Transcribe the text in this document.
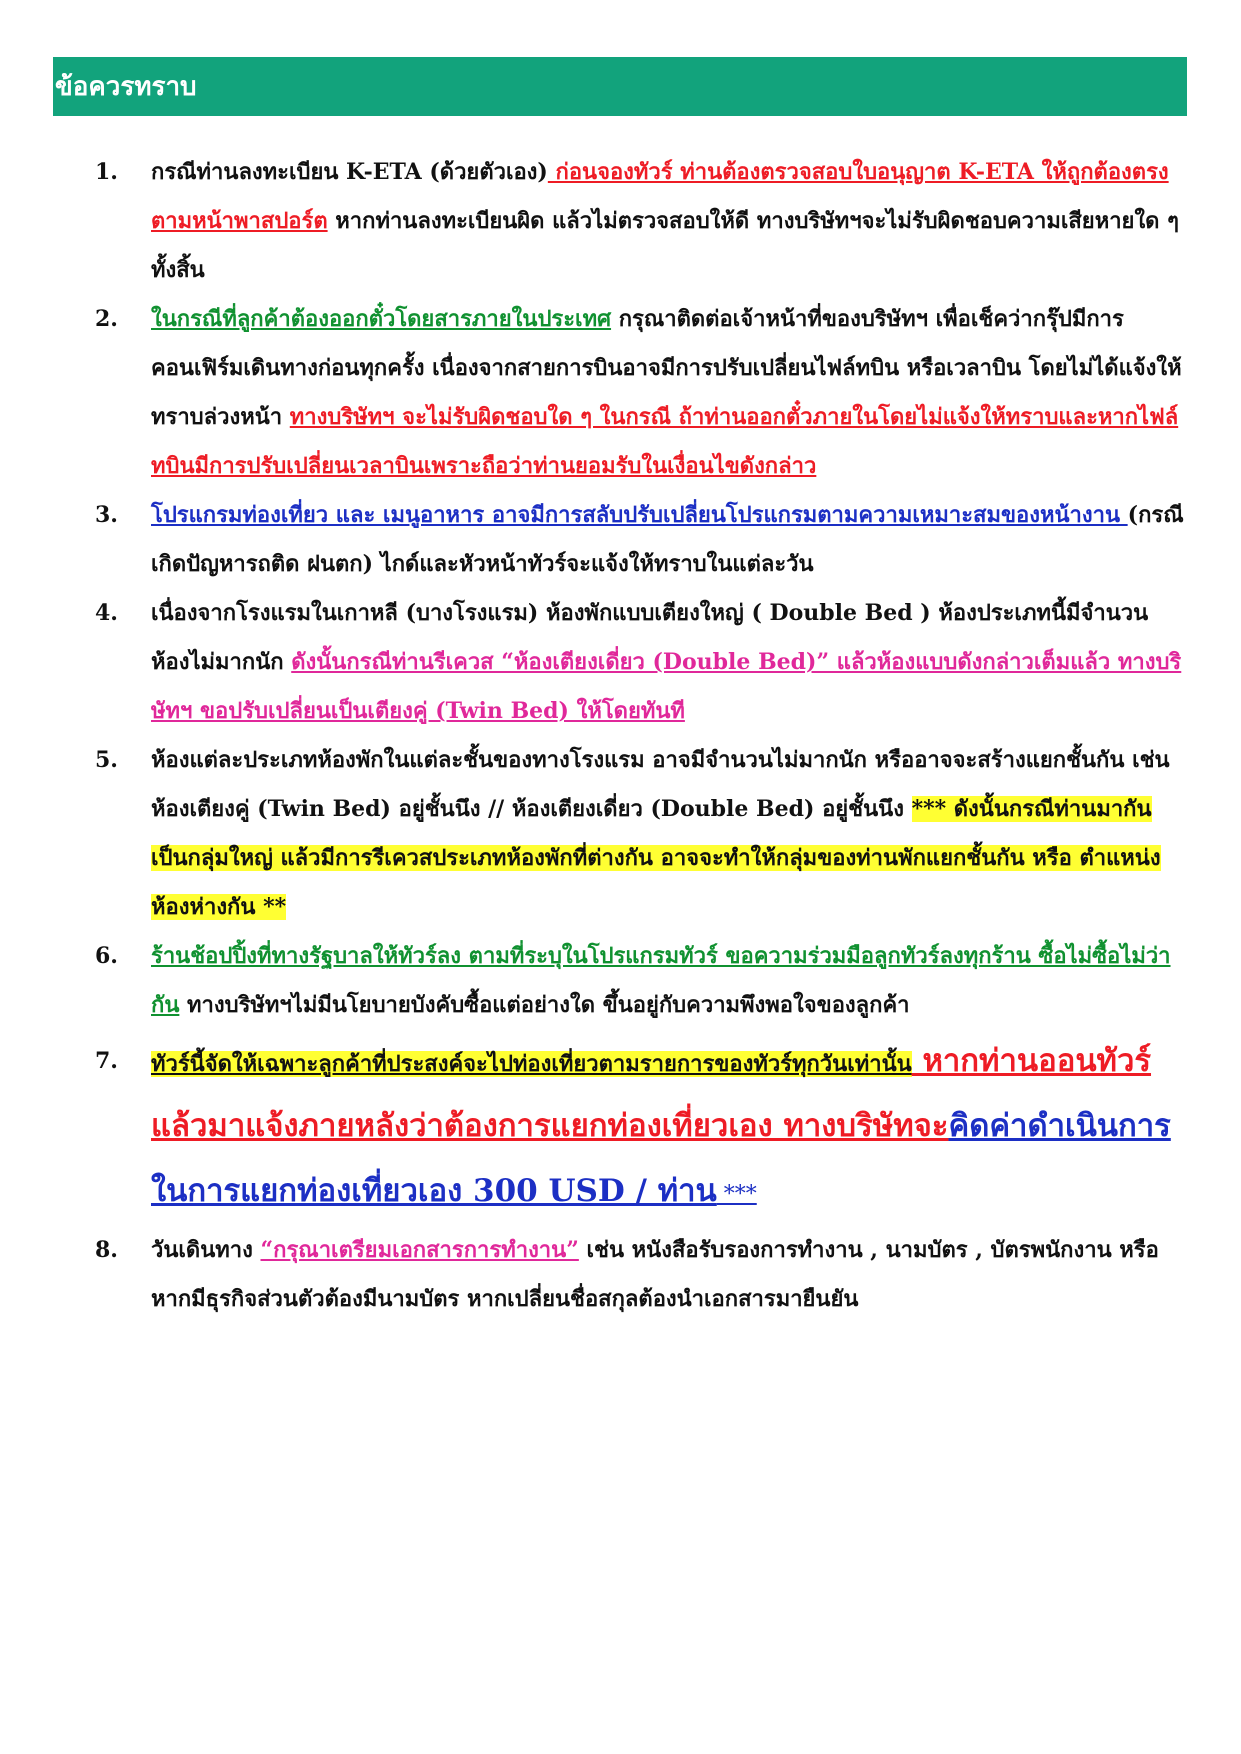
ข้อควรทราบ
1.	กรณีท่านลงทะเบียน K-ETA (ด้วยตัวเอง) ก่อนจองทัวร์ ท่านต้องตรวจสอบใบอนุญาต K-ETA ให้ถูกต้องตรงตามหน้าพาสปอร์ต หากท่านลงทะเบียนผิด แล้วไม่ตรวจสอบให้ดี ทางบริษัทฯจะไม่รับผิดชอบความเสียหายใด ๆ ทั้งสิ้น
2.	ในกรณีที่ลูกค้าต้องออกตั๋วโดยสารภายในประเทศ กรุณาติดต่อเจ้าหน้าที่ของบริษัทฯ เพื่อเช็คว่ากรุ๊ปมีการคอนเฟิร์มเดินทางก่อนทุกครั้ง เนื่องจากสายการบินอาจมีการปรับเปลี่ยนไฟล์ทบิน หรือเวลาบิน โดยไม่ได้แจ้งให้ทราบล่วงหน้า ทางบริษัทฯ จะไม่รับผิดชอบใด ๆ ในกรณี ถ้าท่านออกตั๋วภายในโดยไม่แจ้งให้ทราบและหากไฟล์ทบินมีการปรับเปลี่ยนเวลาบินเพราะถือว่าท่านยอมรับในเงื่อนไขดังกล่าว
3.	โปรแกรมท่องเที่ยว และ เมนูอาหาร อาจมีการสลับปรับเปลี่ยนโปรแกรมตามความเหมาะสมของหน้างาน (กรณีเกิดปัญหารถติด ฝนตก) ไกด์และหัวหน้าทัวร์จะแจ้งให้ทราบในแต่ละวัน
4.	เนื่องจากโรงแรมในเกาหลี (บางโรงแรม) ห้องพักแบบเตียงใหญ่ ( Double Bed ) ห้องประเภทนี้มีจำนวนห้องไม่มากนัก ดังนั้นกรณีท่านรีเควส “ห้องเตียงเดี่ยว (Double Bed)” แล้วห้องแบบดังกล่าวเต็มแล้ว ทางบริษัทฯ ขอปรับเปลี่ยนเป็นเตียงคู่ (Twin Bed) ให้โดยทันที
5.	ห้องแต่ละประเภทห้องพักในแต่ละชั้นของทางโรงแรม อาจมีจำนวนไม่มากนัก หรืออาจจะสร้างแยกชั้นกัน เช่น ห้องเตียงคู่ (Twin Bed) อยู่ชั้นนึง // ห้องเตียงเดี่ยว (Double Bed) อยู่ชั้นนึง *** ดังนั้นกรณีท่านมากันเป็นกลุ่มใหญ่ แล้วมีการรีเควสประเภทห้องพักที่ต่างกัน อาจจะทำให้กลุ่มของท่านพักแยกชั้นกัน หรือ ตำแหน่งห้องห่างกัน **
6.	ร้านช้อปปิ้งที่ทางรัฐบาลให้ทัวร์ลง ตามที่ระบุในโปรแกรมทัวร์ ขอความร่วมมือลูกทัวร์ลงทุกร้าน ซื้อไม่ซื้อไม่ว่ากัน ทางบริษัทฯไม่มีนโยบายบังคับซื้อแต่อย่างใด ขึ้นอยู่กับความพึงพอใจของลูกค้า
7.	ทัวร์นี้จัดให้เฉพาะลูกค้าที่ประสงค์จะไปท่องเที่ยวตามรายการของทัวร์ทุกวันเท่านั้น หากท่านออนทัวร์แล้วมาแจ้งภายหลังว่าต้องการแยกท่องเที่ยวเอง ทางบริษัทจะคิดค่าดำเนินการในการแยกท่องเที่ยวเอง 300 USD / ท่าน ***
8.	วันเดินทาง “กรุณาเตรียมเอกสารการทำงาน” เช่น หนังสือรับรองการทำงาน , นามบัตร , บัตรพนักงาน หรือหากมีธุรกิจส่วนตัวต้องมีนามบัตร หากเปลี่ยนชื่อสกุลต้องนำเอกสารมายืนยัน
